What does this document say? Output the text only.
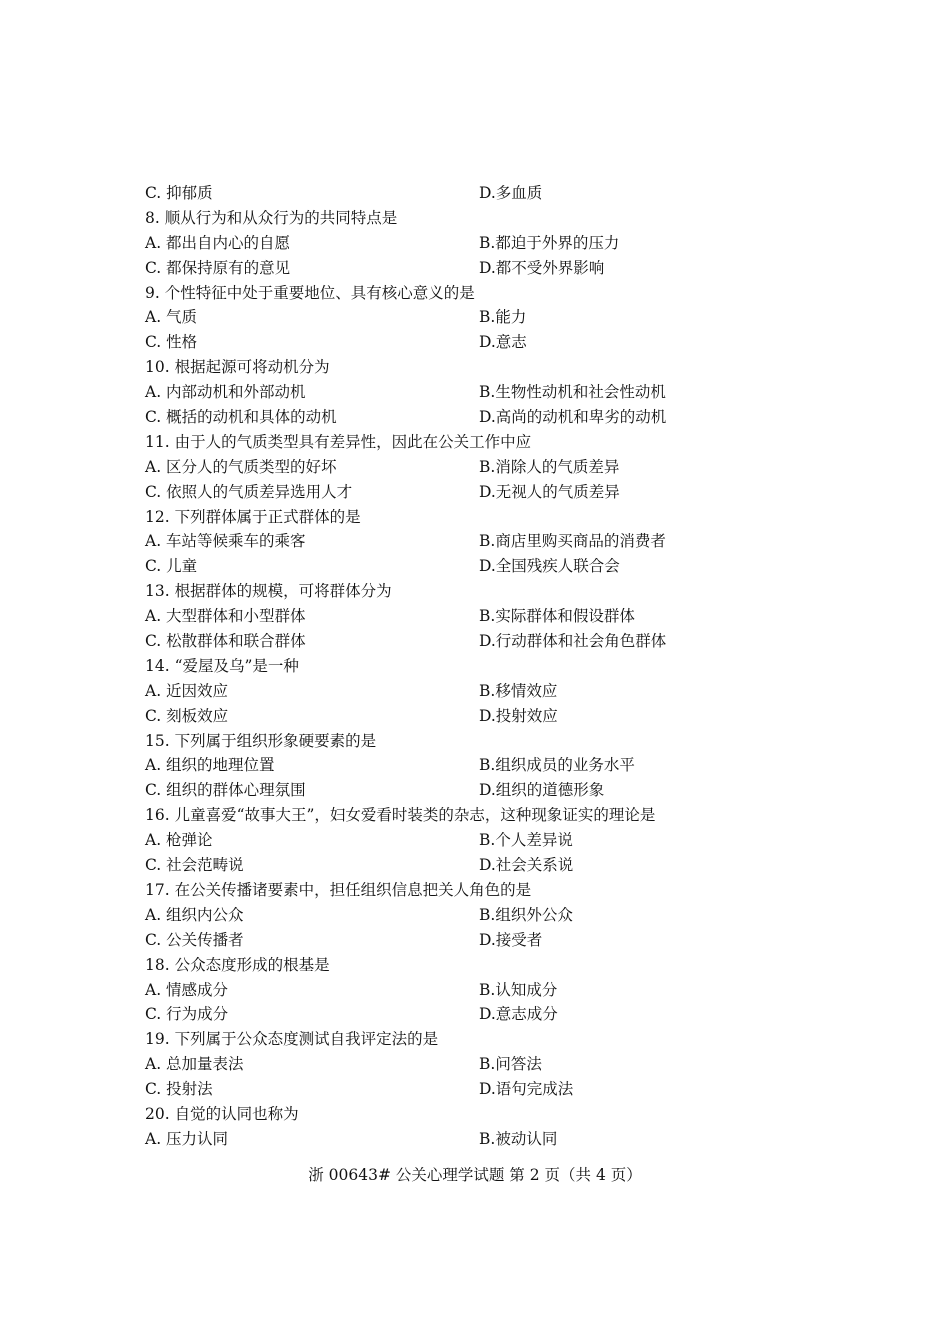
C. 抑郁质	D.多血质
8. 顺从行为和从众行为的共同特点是
A. 都出自内心的自愿	B.都迫于外界的压力
C. 都保持原有的意见	D.都不受外界影响
9. 个性特征中处于重要地位、具有核心意义的是
A. 气质	B.能力
C. 性格	D.意志
10. 根据起源可将动机分为
A. 内部动机和外部动机	B.生物性动机和社会性动机
C. 概括的动机和具体的动机	D.高尚的动机和卑劣的动机
11. 由于人的气质类型具有差异性，因此在公关工作中应
A. 区分人的气质类型的好坏	B.消除人的气质差异
C. 依照人的气质差异选用人才	D.无视人的气质差异
12. 下列群体属于正式群体的是
A. 车站等候乘车的乘客	B.商店里购买商品的消费者
C. 儿童	D.全国残疾人联合会
13. 根据群体的规模，可将群体分为
A. 大型群体和小型群体	B.实际群体和假设群体
C. 松散群体和联合群体	D.行动群体和社会角色群体
14. “爱屋及乌”是一种
A. 近因效应	B.移情效应
C. 刻板效应	D.投射效应
15. 下列属于组织形象硬要素的是
A. 组织的地理位置	B.组织成员的业务水平
C. 组织的群体心理氛围	D.组织的道德形象
16. 儿童喜爱“故事大王”，妇女爱看时装类的杂志，这种现象证实的理论是
A. 枪弹论	B.个人差异说
C. 社会范畴说	D.社会关系说
17. 在公关传播诸要素中，担任组织信息把关人角色的是
A. 组织内公众	B.组织外公众
C. 公关传播者	D.接受者
18. 公众态度形成的根基是
A. 情感成分	B.认知成分
C. 行为成分	D.意志成分
19. 下列属于公众态度测试自我评定法的是
A. 总加量表法	B.问答法
C. 投射法	D.语句完成法
20. 自觉的认同也称为
A. 压力认同	B.被动认同
浙 00643# 公关心理学试题 第 2 页（共 4 页）
